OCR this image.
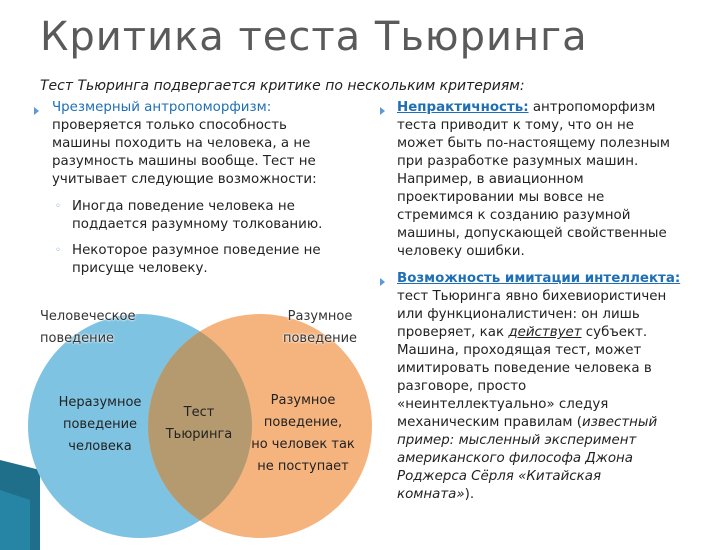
Критика теста Тьюринга
Тест Тьюринга подвергается критике по нескольким критериям:
Чрезмерный антропоморфизм:
проверяется только способность
машины походить на человека, а не
разумность машины вообще. Тест не
учитывает следующие возможности:
◦ Иногда поведение человека не
поддается разумному толкованию.
◦ Некоторое разумное поведение не
присуще человеку.
Непрактичность: антропоморфизм
теста приводит к тому, что он не
может быть по-настоящему полезным
при разработке разумных машин.
Например, в авиационном
проектировании мы вовсе не
стремимся к созданию разумной
машины, допускающей свойственные
человеку ошибки.
Возможность имитации интеллекта:
тест Тьюринга явно бихевиористичен
или функционалистичен: он лишь
проверяет, как действует субъект.
Машина, проходящая тест, может
имитировать поведение человека в
разговоре, просто
«неинтеллектуально» следуя
механическим правилам (известный
пример: мысленный эксперимент
американского философа Джона
Роджерса Сёрля «Китайская
комната»).
Человеческое
поведение
Разумное
поведение
Неразумное
поведение
человека
Тест
Тьюринга
Разумное
поведение,
но человек так
не поступает
